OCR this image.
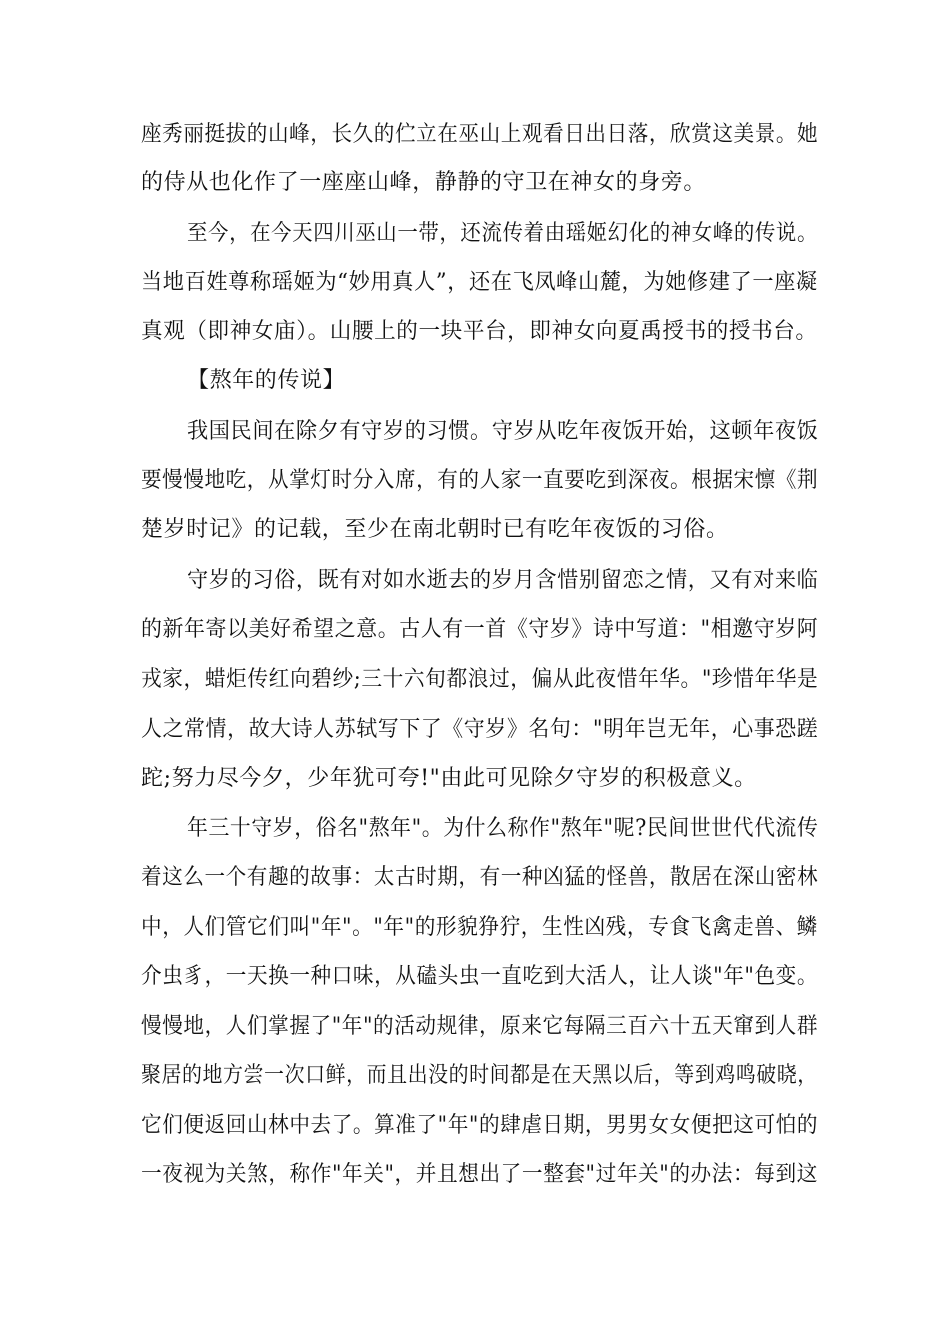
座秀丽挺拔的山峰，长久的伫立在巫山上观看日出日落，欣赏这美景。她
的侍从也化作了一座座山峰，静静的守卫在神女的身旁。
至今，在今天四川巫山一带，还流传着由瑶姬幻化的神女峰的传说。
当地百姓尊称瑶姬为“妙用真人”，还在飞凤峰山麓，为她修建了一座凝
真观（即神女庙）。山腰上的一块平台，即神女向夏禹授书的授书台。
【熬年的传说】
我国民间在除夕有守岁的习惯。守岁从吃年夜饭开始，这顿年夜饭
要慢慢地吃，从掌灯时分入席，有的人家一直要吃到深夜。根据宋懔《荆
楚岁时记》的记载，至少在南北朝时已有吃年夜饭的习俗。
守岁的习俗，既有对如水逝去的岁月含惜别留恋之情，又有对来临
的新年寄以美好希望之意。古人有一首《守岁》诗中写道："相邀守岁阿
戎家，蜡炬传红向碧纱;三十六旬都浪过，偏从此夜惜年华。"珍惜年华是
人之常情，故大诗人苏轼写下了《守岁》名句："明年岂无年，心事恐蹉
跎;努力尽今夕，少年犹可夸!"由此可见除夕守岁的积极意义。
年三十守岁，俗名"熬年"。为什么称作"熬年"呢?民间世世代代流传
着这么一个有趣的故事：太古时期，有一种凶猛的怪兽，散居在深山密林
中，人们管它们叫"年"。"年"的形貌狰狞，生性凶残，专食飞禽走兽、鳞
介虫豸，一天换一种口味，从磕头虫一直吃到大活人，让人谈"年"色变。
慢慢地，人们掌握了"年"的活动规律，原来它每隔三百六十五天窜到人群
聚居的地方尝一次口鲜，而且出没的时间都是在天黑以后，等到鸡鸣破晓，
它们便返回山林中去了。算准了"年"的肆虐日期，男男女女便把这可怕的
一夜视为关煞，称作"年关"，并且想出了一整套"过年关"的办法：每到这
